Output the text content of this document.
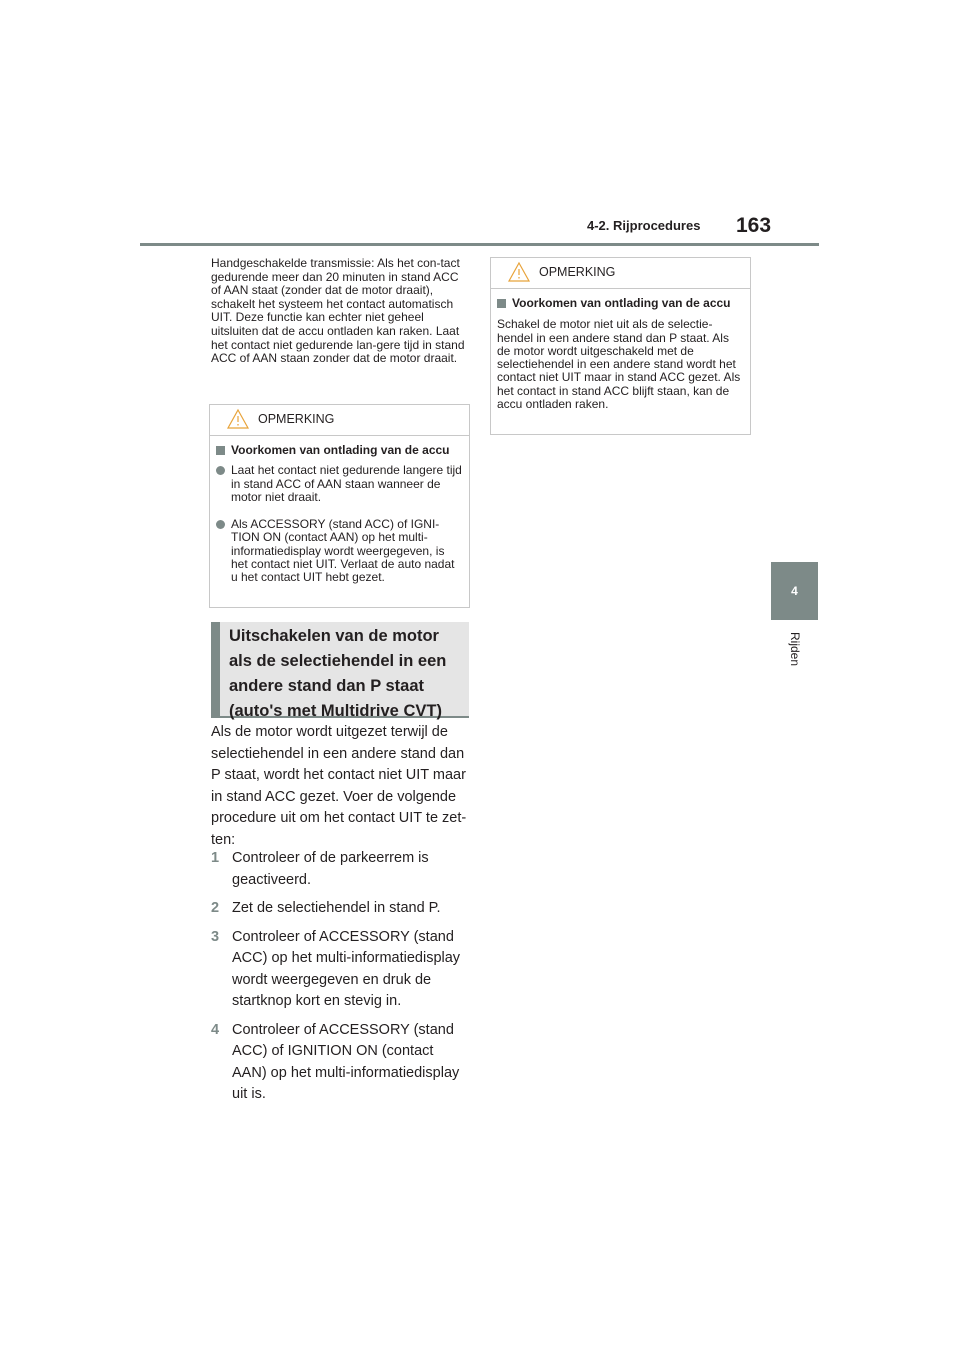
4-2. Rijprocedures 163
4
Rijden

Handgeschakelde transmissie: Als het con-tact gedurende meer dan 20 minuten in stand ACC of AAN staat (zonder dat de motor draait), schakelt het systeem het contact automatisch UIT. Deze functie kan echter niet geheel uitsluiten dat de accu ontladen kan raken. Laat het contact niet gedurende lan-gere tijd in stand ACC of AAN staan zonder dat de motor draait.

OPMERKING
Voorkomen van ontlading van de accu
Laat het contact niet gedurende langere tijd in stand ACC of AAN staan wanneer de motor niet draait.
Als ACCESSORY (stand ACC) of IGNI-TION ON (contact AAN) op het multi-informatiedisplay wordt weergegeven, is het contact niet UIT. Verlaat de auto nadat u het contact UIT hebt gezet.
Uitschakelen van de motor als de selectiehendel in een andere stand dan P staat (auto's met Multidrive CVT)

Als de motor wordt uitgezet terwijl de selectiehendel in een andere stand dan P staat, wordt het contact niet UIT maar in stand ACC gezet. Voer de volgende procedure uit om het contact UIT te zet-ten:

1 Controleer of de parkeerrem is geactiveerd.
2 Zet de selectiehendel in stand P.
3 Controleer of ACCESSORY (stand ACC) op het multi-informatiedisplay wordt weergegeven en druk de startknop kort en stevig in.
4 Controleer of ACCESSORY (stand ACC) of IGNITION ON (contact AAN) op het multi-informatiedisplay uit is.
OPMERKING
Voorkomen van ontlading van de accu
Schakel de motor niet uit als de selectie-hendel in een andere stand dan P staat. Als de motor wordt uitgeschakeld met de selectiehendel in een andere stand wordt het contact niet UIT maar in stand ACC gezet. Als het contact in stand ACC blijft staan, kan de accu ontladen raken.
